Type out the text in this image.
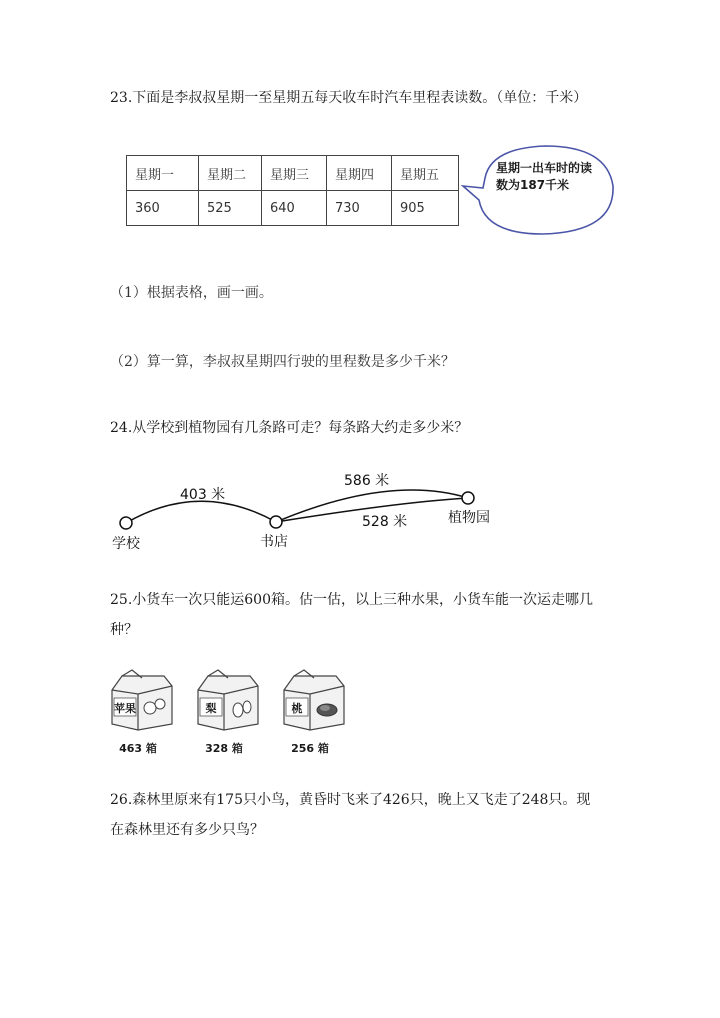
23.下面是李叔叔星期一至星期五每天收车时汽车里程表读数。（单位：千米）
星期一	星期二	星期三	星期四	星期五
360	525	640	730	905
星期一出车时的读数为187千米
（1）根据表格，画一画。
（2）算一算，李叔叔星期四行驶的里程数是多少千米？
24.从学校到植物园有几条路可走？每条路大约走多少米？
403 米
586 米
528 米
学校	书店
植物园
25.小货车一次只能运600箱。估一估，以上三种水果，小货车能一次运走哪几
种？
苹果
463 箱
梨
328 箱
桃
256 箱
26.森林里原来有175只小鸟，黄昏时飞来了426只，晚上又飞走了248只。现
在森林里还有多少只鸟？
